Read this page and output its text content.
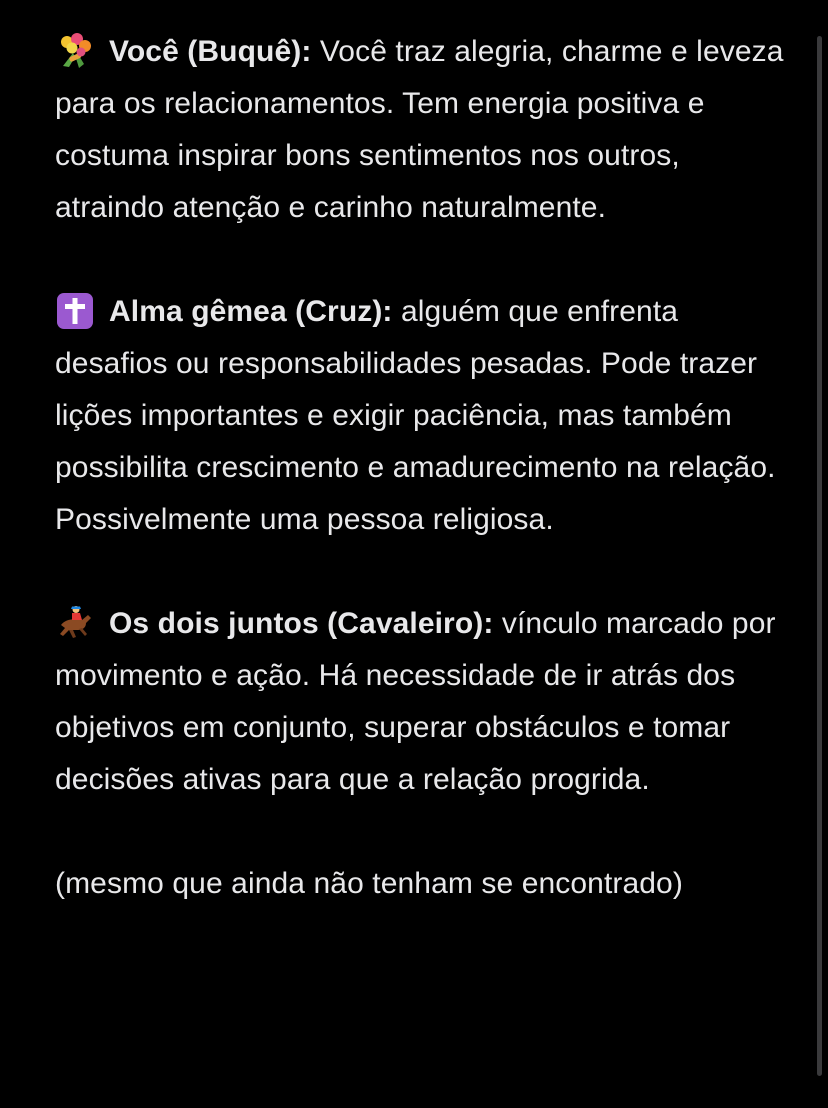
Você (Buquê): Você traz alegria, charme e leveza para os relacionamentos. Tem energia positiva e costuma inspirar bons sentimentos nos outros, atraindo atenção e carinho naturalmente.

Alma gêmea (Cruz): alguém que enfrenta desafios ou responsabilidades pesadas. Pode trazer lições importantes e exigir paciência, mas também possibilita crescimento e amadurecimento na relação. Possivelmente uma pessoa religiosa.

Os dois juntos (Cavaleiro): vínculo marcado por movimento e ação. Há necessidade de ir atrás dos objetivos em conjunto, superar obstáculos e tomar decisões ativas para que a relação progrida.

(mesmo que ainda não tenham se encontrado)
